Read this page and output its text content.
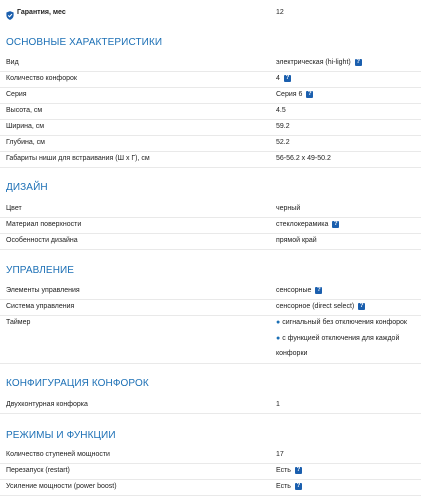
Гарантия, мес	12
ОСНОВНЫЕ ХАРАКТЕРИСТИКИ
Вид	электрическая (hi-light) ?
Количество конфорок	4 ?
Серия	Серия 6 ?
Высота, см	4.5
Ширина, см	59.2
Глубина, см	52.2
Габариты ниши для встраивания (Ш х Г), см	56-56.2 x 49-50.2
ДИЗАЙН
Цвет	черный
Материал поверхности	стеклокерамика ?
Особенности дизайна	прямой край
УПРАВЛЕНИЕ
Элементы управления	сенсорные ?
Система управления	сенсорное (direct select) ?
Таймер	● сигнальный без отключения конфорок
● с функцией отключения для каждой
конфорки
КОНФИГУРАЦИЯ КОНФОРОК
Двухконтурная конфорка	1
РЕЖИМЫ И ФУНКЦИИ
Количество ступеней мощности	17
Перезапуск (restart)	Есть ?
Усиление мощности (power boost)	Есть ?
